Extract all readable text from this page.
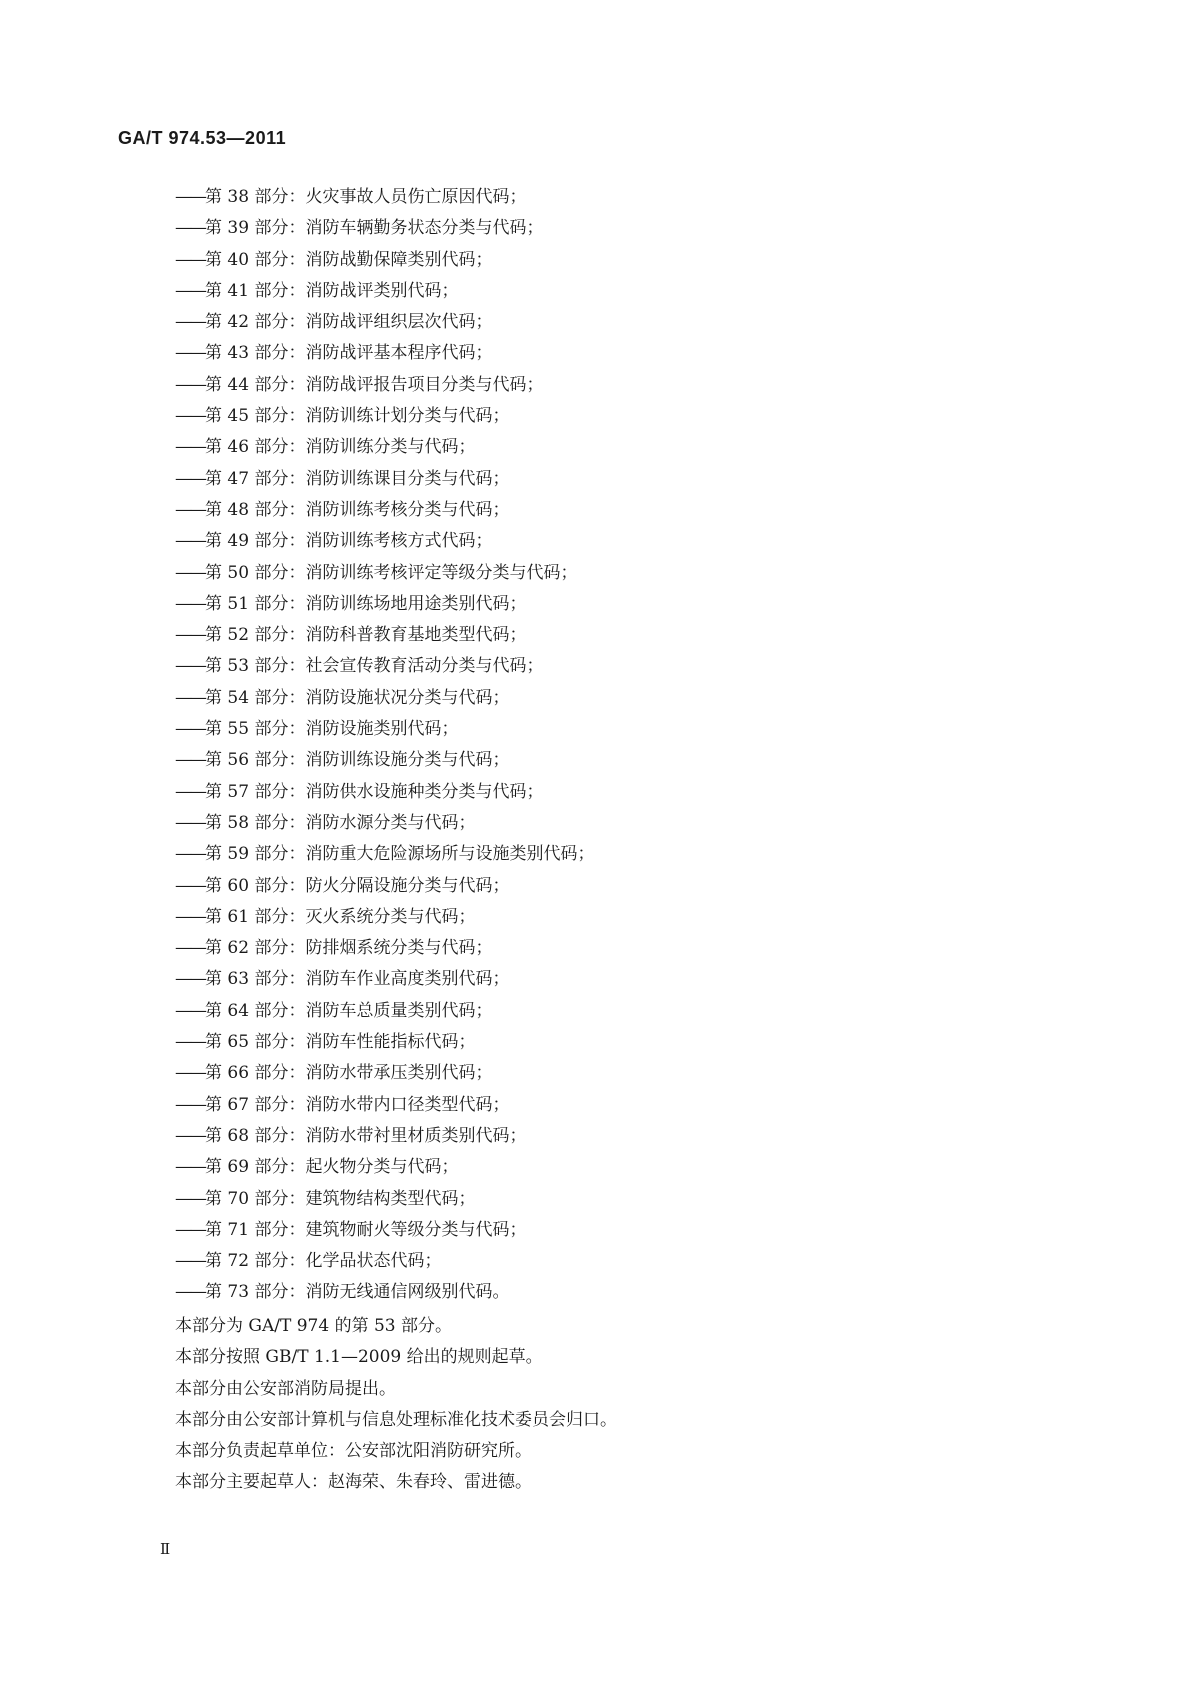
GA/T 974.53—2011
——第 38 部分：火灾事故人员伤亡原因代码；
——第 39 部分：消防车辆勤务状态分类与代码；
——第 40 部分：消防战勤保障类别代码；
——第 41 部分：消防战评类别代码；
——第 42 部分：消防战评组织层次代码；
——第 43 部分：消防战评基本程序代码；
——第 44 部分：消防战评报告项目分类与代码；
——第 45 部分：消防训练计划分类与代码；
——第 46 部分：消防训练分类与代码；
——第 47 部分：消防训练课目分类与代码；
——第 48 部分：消防训练考核分类与代码；
——第 49 部分：消防训练考核方式代码；
——第 50 部分：消防训练考核评定等级分类与代码；
——第 51 部分：消防训练场地用途类别代码；
——第 52 部分：消防科普教育基地类型代码；
——第 53 部分：社会宣传教育活动分类与代码；
——第 54 部分：消防设施状况分类与代码；
——第 55 部分：消防设施类别代码；
——第 56 部分：消防训练设施分类与代码；
——第 57 部分：消防供水设施种类分类与代码；
——第 58 部分：消防水源分类与代码；
——第 59 部分：消防重大危险源场所与设施类别代码；
——第 60 部分：防火分隔设施分类与代码；
——第 61 部分：灭火系统分类与代码；
——第 62 部分：防排烟系统分类与代码；
——第 63 部分：消防车作业高度类别代码；
——第 64 部分：消防车总质量类别代码；
——第 65 部分：消防车性能指标代码；
——第 66 部分：消防水带承压类别代码；
——第 67 部分：消防水带内口径类型代码；
——第 68 部分：消防水带衬里材质类别代码；
——第 69 部分：起火物分类与代码；
——第 70 部分：建筑物结构类型代码；
——第 71 部分：建筑物耐火等级分类与代码；
——第 72 部分：化学品状态代码；
——第 73 部分：消防无线通信网级别代码。

本部分为 GA/T 974 的第 53 部分。

本部分按照 GB/T 1.1—2009 给出的规则起草。

本部分由公安部消防局提出。

本部分由公安部计算机与信息处理标准化技术委员会归口。

本部分负责起草单位：公安部沈阳消防研究所。

本部分主要起草人：赵海荣、朱春玲、雷进德。

Ⅱ
